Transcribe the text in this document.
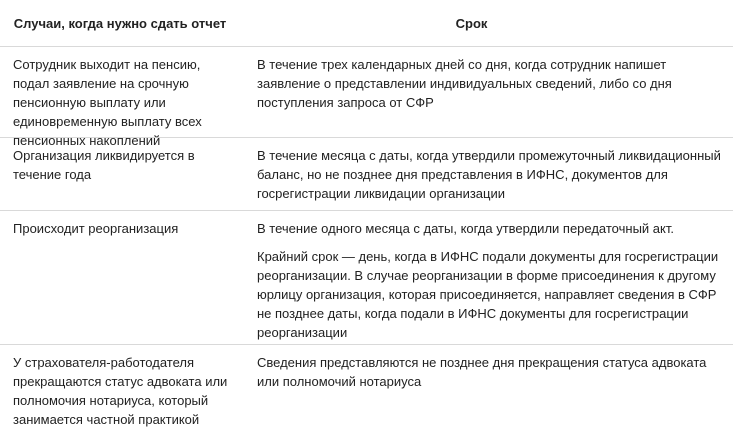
Случаи, когда нужно сдать отчет	Срок
Сотрудник выходит на пенсию, подал заявление на срочную пенсионную выплату или единовременную выплату всех пенсионных накоплений

В течение трех календарных дней со дня, когда сотрудник напишет заявление о представлении индивидуальных сведений, либо со дня поступления запроса от СФР

Организация ликвидируется в течение года

В течение месяца с даты, когда утвердили промежуточный ликвидационный баланс, но не позднее дня представления в ИФНС, документов для госрегистрации ликвидации организации

Происходит реорганизация	В течение одного месяца с даты, когда утвердили передаточный акт.

Крайний срок — день, когда в ИФНС подали документы для госрегистрации реорганизации. В случае реорганизации в форме присоединения к другому юрлицу организация, которая присоединяется, направляет сведения в СФР не позднее даты, когда подали в ИФНС документы для госрегистрации реорганизации

У страхователя-работодателя прекращаются статус адвоката или полномочия нотариуса, который занимается частной практикой

Сведения представляются не позднее дня прекращения статуса адвоката или полномочий нотариуса
